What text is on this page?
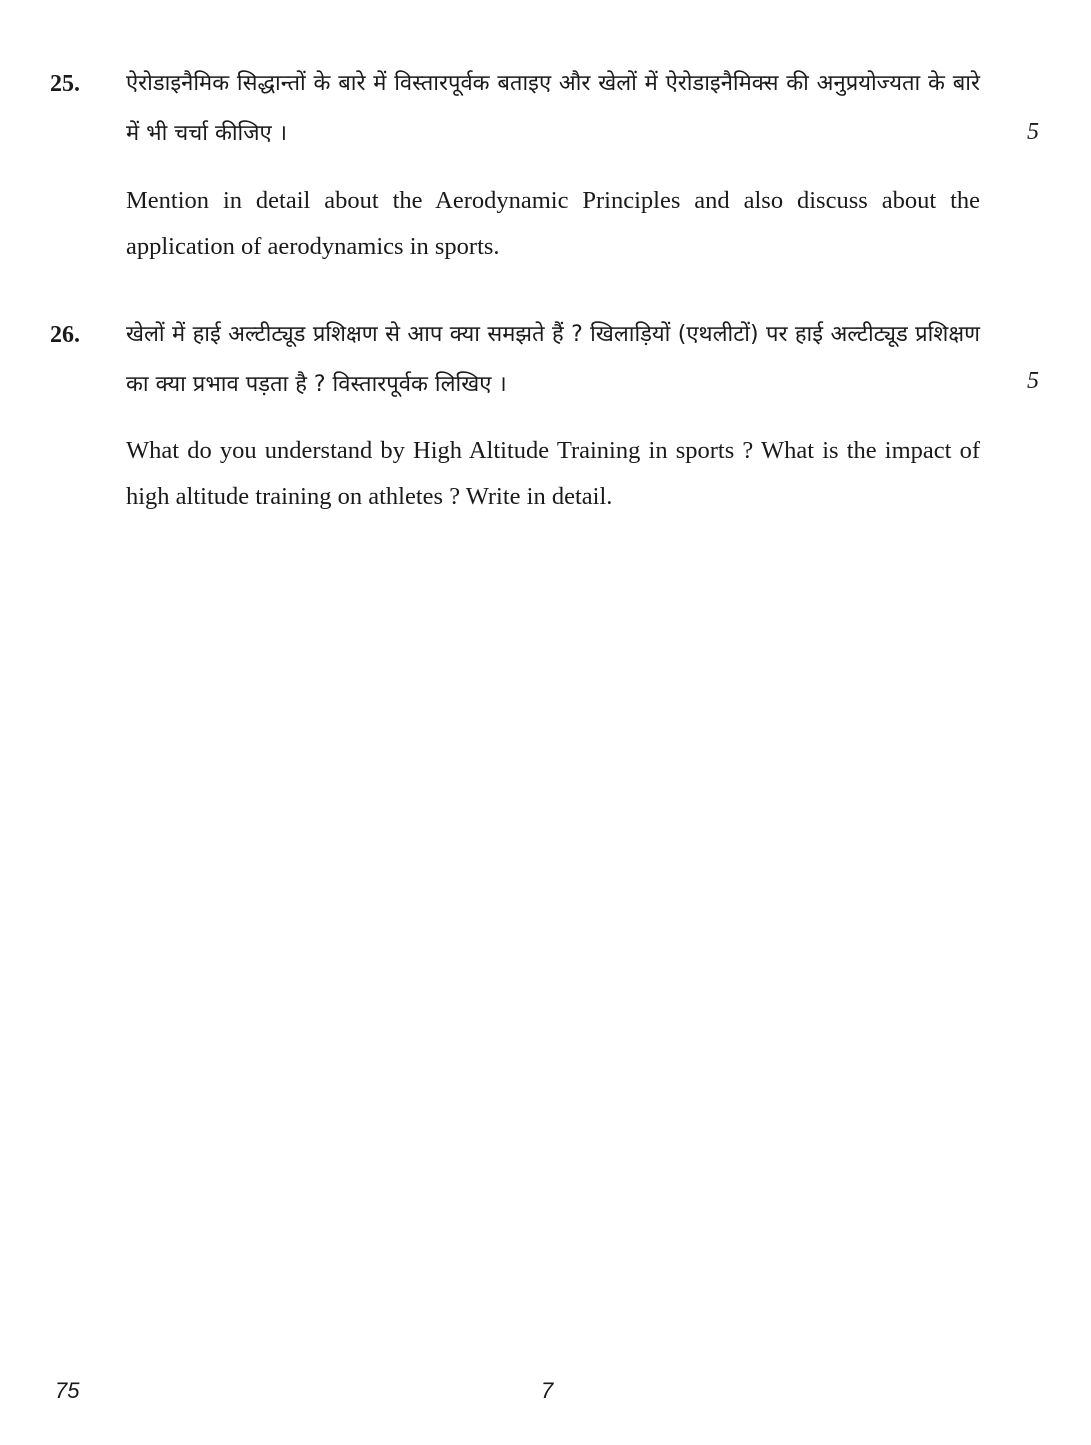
25. ऐरोडाइनैमिक सिद्धान्तों के बारे में विस्तारपूर्वक बताइए और खेलों में ऐरोडाइनैमिक्स की अनुप्रयोज्यता के बारे में भी चर्चा कीजिए ।	5
Mention in detail about the Aerodynamic Principles and also discuss about the application of aerodynamics in sports.
26. खेलों में हाई अल्टीट्यूड प्रशिक्षण से आप क्या समझते हैं ? खिलाड़ियों (एथलीटों) पर हाई अल्टीट्यूड प्रशिक्षण का क्या प्रभाव पड़ता है ? विस्तारपूर्वक लिखिए ।	5
What do you understand by High Altitude Training in sports ? What is the impact of high altitude training on athletes ? Write in detail.
75	7
